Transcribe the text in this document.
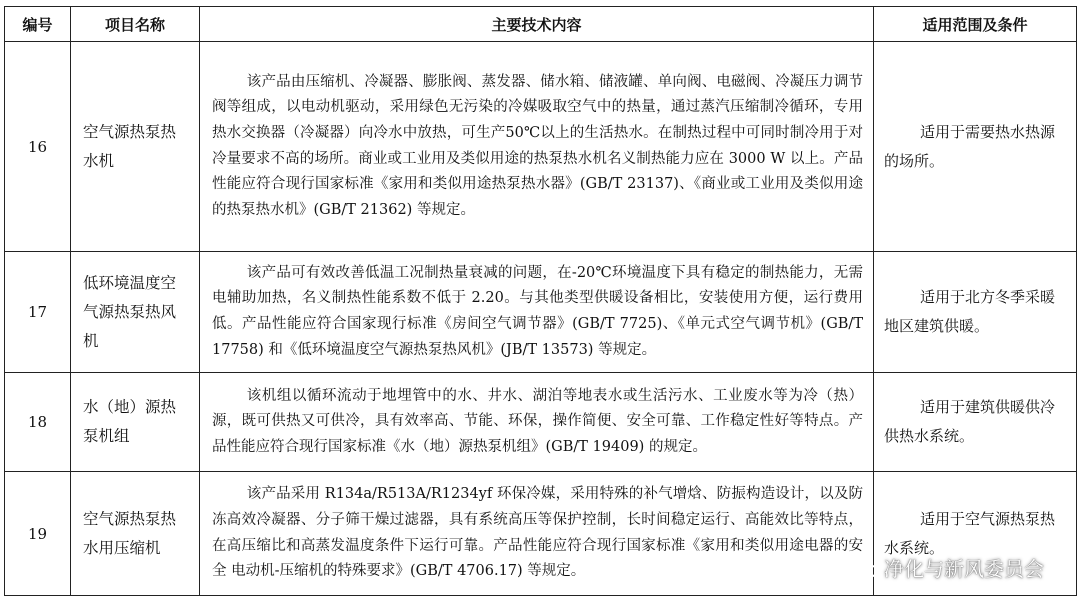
编号	项目名称	主要技术内容	适用范围及条件
16	空气源热泵热水机	该产品由压缩机、冷凝器、膨胀阀、蒸发器、储水箱、储液罐、单向阀、电磁阀、冷凝压力调节阀等组成，以电动机驱动，采用绿色无污染的冷媒吸取空气中的热量，通过蒸汽压缩制冷循环，专用热水交换器（冷凝器）向冷水中放热，可生产50℃以上的生活热水。在制热过程中可同时制冷用于对冷量要求不高的场所。商业或工业用及类似用途的热泵热水机名义制热能力应在 3000 W 以上。产品性能应符合现行国家标准《家用和类似用途热泵热水器》(GB/T 23137)、《商业或工业用及类似用途的热泵热水机》(GB/T 21362) 等规定。	适用于需要热水热源的场所。

17	低环境温度空气源热泵热风机	该产品可有效改善低温工况制热量衰减的问题，在-20℃环境温度下具有稳定的制热能力，无需电辅助加热，名义制热性能系数不低于 2.20。与其他类型供暖设备相比，安装使用方便，运行费用低。产品性能应符合国家现行标准《房间空气调节器》(GB/T 7725)、《单元式空气调节机》(GB/T 17758) 和《低环境温度空气源热泵热风机》(JB/T 13573) 等规定。	适用于北方冬季采暖地区建筑供暖。

18	水（地）源热泵机组	该机组以循环流动于地埋管中的水、井水、湖泊等地表水或生活污水、工业废水等为冷（热）源，既可供热又可供冷，具有效率高、节能、环保，操作简便、安全可靠、工作稳定性好等特点。产品性能应符合现行国家标准《水（地）源热泵机组》(GB/T 19409) 的规定。	适用于建筑供暖供冷供热水系统。

19	空气源热泵热水用压缩机	该产品采用 R134a/R513A/R1234yf 环保冷媒，采用特殊的补气增焓、防振构造设计，以及防冻高效冷凝器、分子筛干燥过滤器，具有系统高压等保护控制，长时间稳定运行、高能效比等特点，在高压缩比和高蒸发温度条件下运行可靠。产品性能应符合现行国家标准《家用和类似用途电器的安全 电动机-压缩机的特殊要求》(GB/T 4706.17) 等规定。	适用于空气源热泵热水系统。
净化与新风委员会
